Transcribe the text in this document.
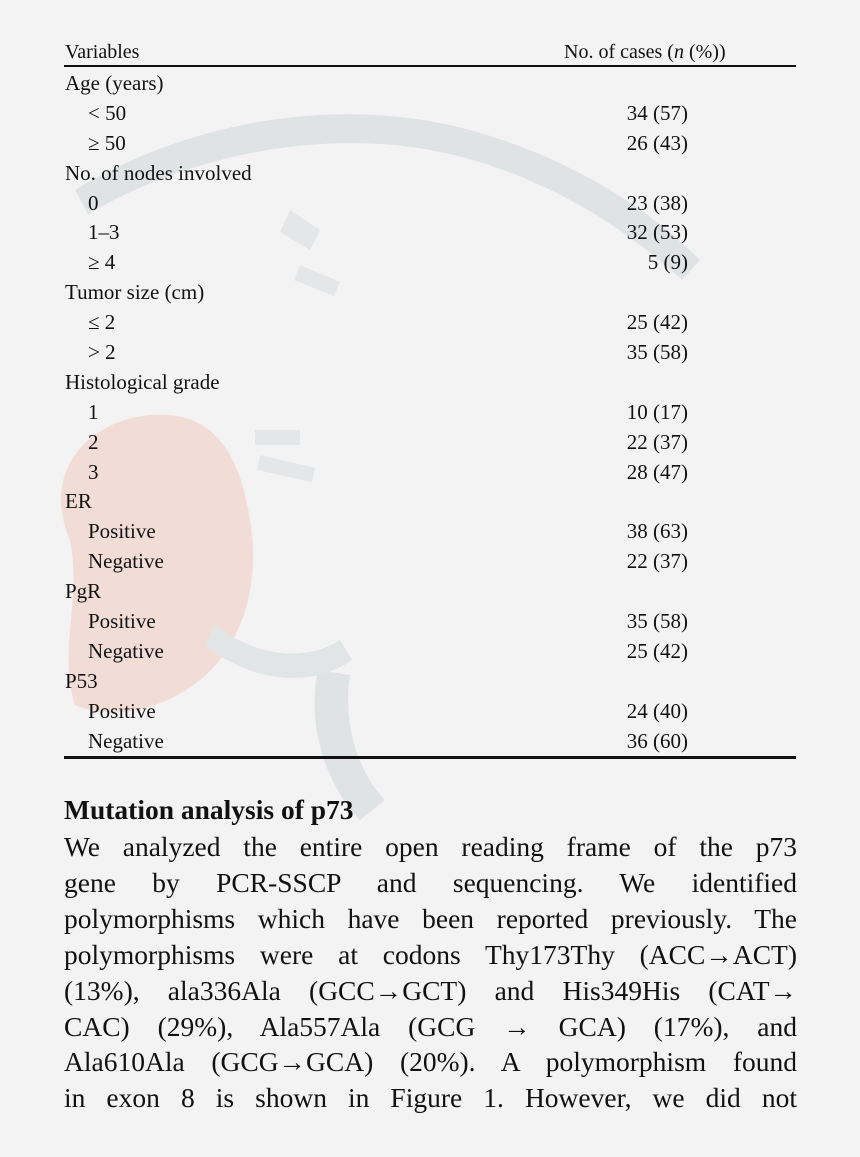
Variables	No. of cases (n (%))
Age (years)
< 50	34 (57)
≥ 50	26 (43)
No. of nodes involved
0	23 (38)
1–3	32 (53)
≥ 4	5 (9)
Tumor size (cm)
≤ 2	25 (42)
> 2	35 (58)
Histological grade
1	10 (17)
2	22 (37)
3	28 (47)
ER
Positive	38 (63)
Negative	22 (37)
PgR
Positive	35 (58)
Negative	25 (42)
P53
Positive	24 (40)
Negative	36 (60)
Mutation analysis of p73
We analyzed the entire open reading frame of the p73
gene by PCR-SSCP and sequencing. We identified
polymorphisms which have been reported previously. The
polymorphisms were at codons Thy173Thy (ACC→ACT)
(13%), ala336Ala (GCC→GCT) and His349His (CAT→
CAC) (29%), Ala557Ala (GCG → GCA) (17%), and
Ala610Ala (GCG→GCA) (20%). A polymorphism found
in exon 8 is shown in Figure 1. However, we did not
